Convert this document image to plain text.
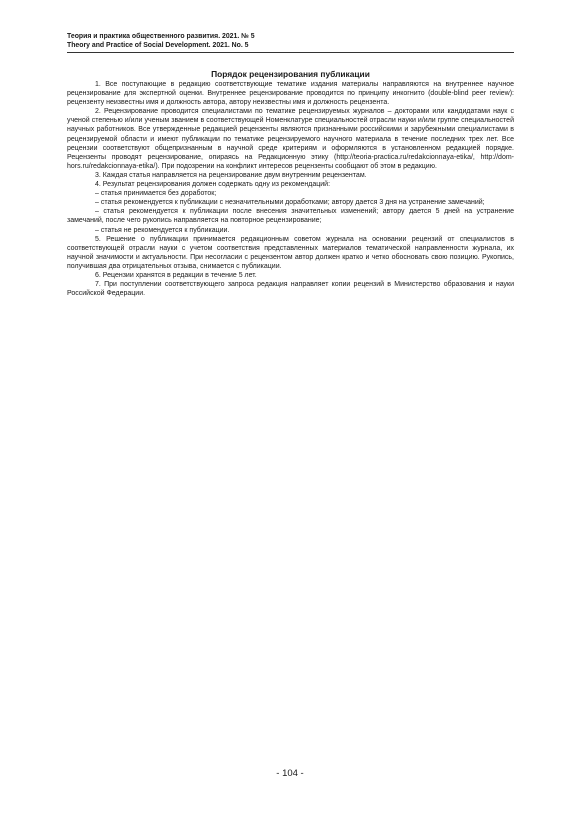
Теория и практика общественного развития. 2021. № 5
Theory and Practice of Social Development. 2021. No. 5
Порядок рецензирования публикации

1. Все поступающие в редакцию соответствующие тематике издания материалы направляются на внутреннее научное рецензирование для экспертной оценки. Внутреннее рецензирование проводится по принципу инкогнито (double-blind peer review): рецензенту неизвестны имя и должность автора, автору неизвестны имя и должность рецензента.

2. Рецензирование проводится специалистами по тематике рецензируемых журналов – докторами или кандидатами наук с ученой степенью и/или ученым званием в соответствующей Номенклатуре специальностей отрасли науки и/или группе специальностей научных работников. Все утвержденные редакцией рецензенты являются признанными российскими и зарубежными специалистами в рецензируемой области и имеют публикации по тематике рецензируемого научного материала в течение последних трех лет. Все рецензии соответствуют общепризнанным в научной среде критериям и оформляются в установленном редакцией порядке. Рецензенты проводят рецензирование, опираясь на Редакционную этику (http://teoria-practica.ru/redakcionnaya-etika/, http://dom-hors.ru/redakcionnaya-etika/). При подозрении на конфликт интересов рецензенты сообщают об этом в редакцию.

3. Каждая статья направляется на рецензирование двум внутренним рецензентам.

4. Результат рецензирования должен содержать одну из рекомендаций:

– статья принимается без доработок;

– статья рекомендуется к публикации с незначительными доработками; автору дается 3 дня на устранение замечаний;

– статья рекомендуется к публикации после внесения значительных изменений; автору дается 5 дней на устранение замечаний, после чего рукопись направляется на повторное рецензирование;

– статья не рекомендуется к публикации.

5. Решение о публикации принимается редакционным советом журнала на основании рецензий от специалистов в соответствующей отрасли науки с учетом соответствия представленных материалов тематической направленности журнала, их научной значимости и актуальности. При несогласии с рецензентом автор должен кратко и четко обосновать свою позицию. Рукопись, получившая два отрицательных отзыва, снимается с публикации.

6. Рецензии хранятся в редакции в течение 5 лет.

7. При поступлении соответствующего запроса редакция направляет копии рецензий в Министерство образования и науки Российской Федерации.

- 104 -
